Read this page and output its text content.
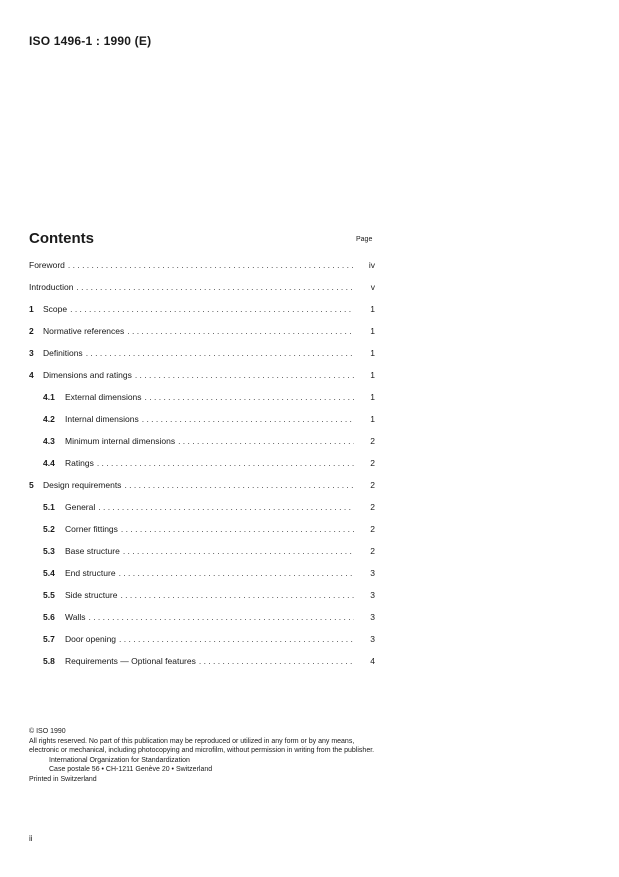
ISO 1496-1 : 1990 (E)
Contents	Page
Foreword . . .	iv
Introduction . . .	v
1	Scope . . .	1
2	Normative references . . .	1
3	Definitions . . .	1
4	Dimensions and ratings . . .	1
4.1	External dimensions . . .	1
4.2	Internal dimensions . . .	1
4.3	Minimum internal dimensions . . .	2
4.4	Ratings . . .	2
5	Design requirements . . .	2
5.1	General . . .	2
5.2	Corner fittings . . .	2
5.3	Base structure . . .	2
5.4	End structure . . .	3
5.5	Side structure . . .	3
5.6	Walls . . .	3
5.7	Door opening . . .	3
5.8	Requirements — Optional features . . .	4
© ISO 1990
All rights reserved. No part of this publication may be reproduced or utilized in any form or by any means, electronic or mechanical, including photocopying and microfilm, without permission in writing from the publisher.
International Organization for Standardization
Case postale 56 • CH-1211 Genève 20 • Switzerland
Printed in Switzerland
ii
